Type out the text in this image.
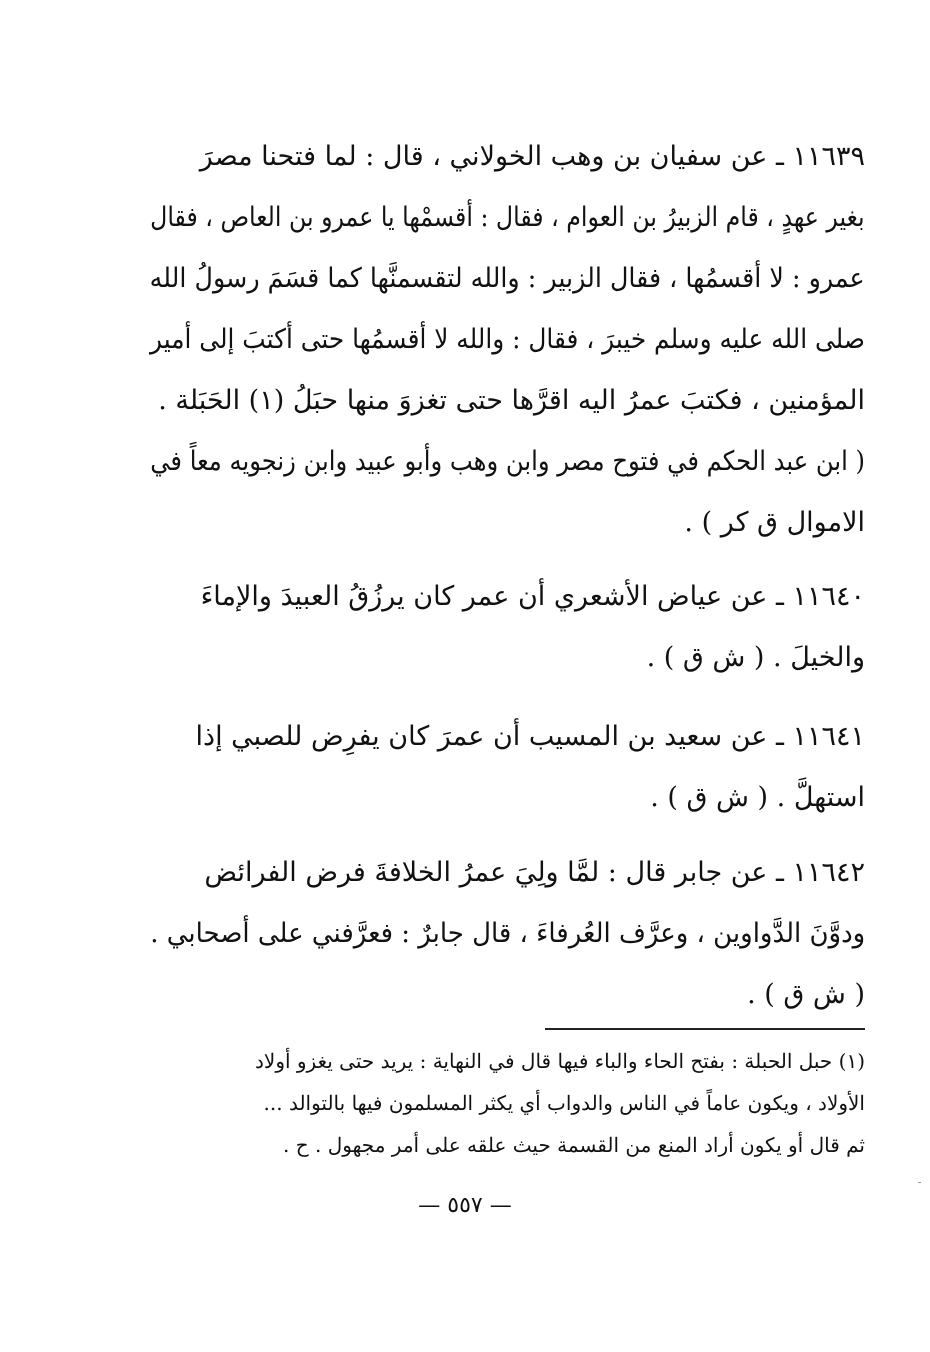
١١٦٣٩ ـ عن سفيان بن وهب الخولاني ، قال : لما فتحنا مصرَ
بغير عهدٍ ، قام الزبيرُ بن العوام ، فقال : أقسمْها يا عمرو بن العاص ، فقال
عمرو : لا أقسمُها ، فقال الزبير : والله لتقسمنَّها كما قسَمَ رسولُ الله
صلى الله عليه وسلم خيبرَ ، فقال : والله لا أقسمُها حتى أكتبَ إلى أمير
المؤمنين ، فكتبَ عمرُ اليه اقرَّها حتى تغزوَ منها حبَلُ (١) الحَبَلة .
( ابن عبد الحكم في فتوح مصر وابن وهب وأبو عبيد وابن زنجويه معاً في
الاموال ق كر ) .
١١٦٤٠ ـ عن عياض الأشعري أن عمر كان يرزُقُ العبيدَ والإماءَ
والخيلَ . ( ش ق ) .
١١٦٤١ ـ عن سعيد بن المسيب أن عمرَ كان يفرِض للصبي إذا
استهلَّ . ( ش ق ) .
١١٦٤٢ ـ عن جابر قال : لمَّا ولِيَ عمرُ الخلافةَ فرض الفرائض
ودوَّنَ الدَّواوين ، وعرَّف العُرفاءَ ، قال جابرٌ : فعرَّفني على أصحابي .
( ش ق ) .
(١) حبل الحبلة : بفتح الحاء والباء فيها قال في النهاية : يريد حتى يغزو أولاد
الأولاد ، ويكون عاماً في الناس والدواب أي يكثر المسلمون فيها بالتوالد ...
ثم قال أو يكون أراد المنع من القسمة حيث علقه على أمر مجهول . ح .
— ٥٥٧ —
